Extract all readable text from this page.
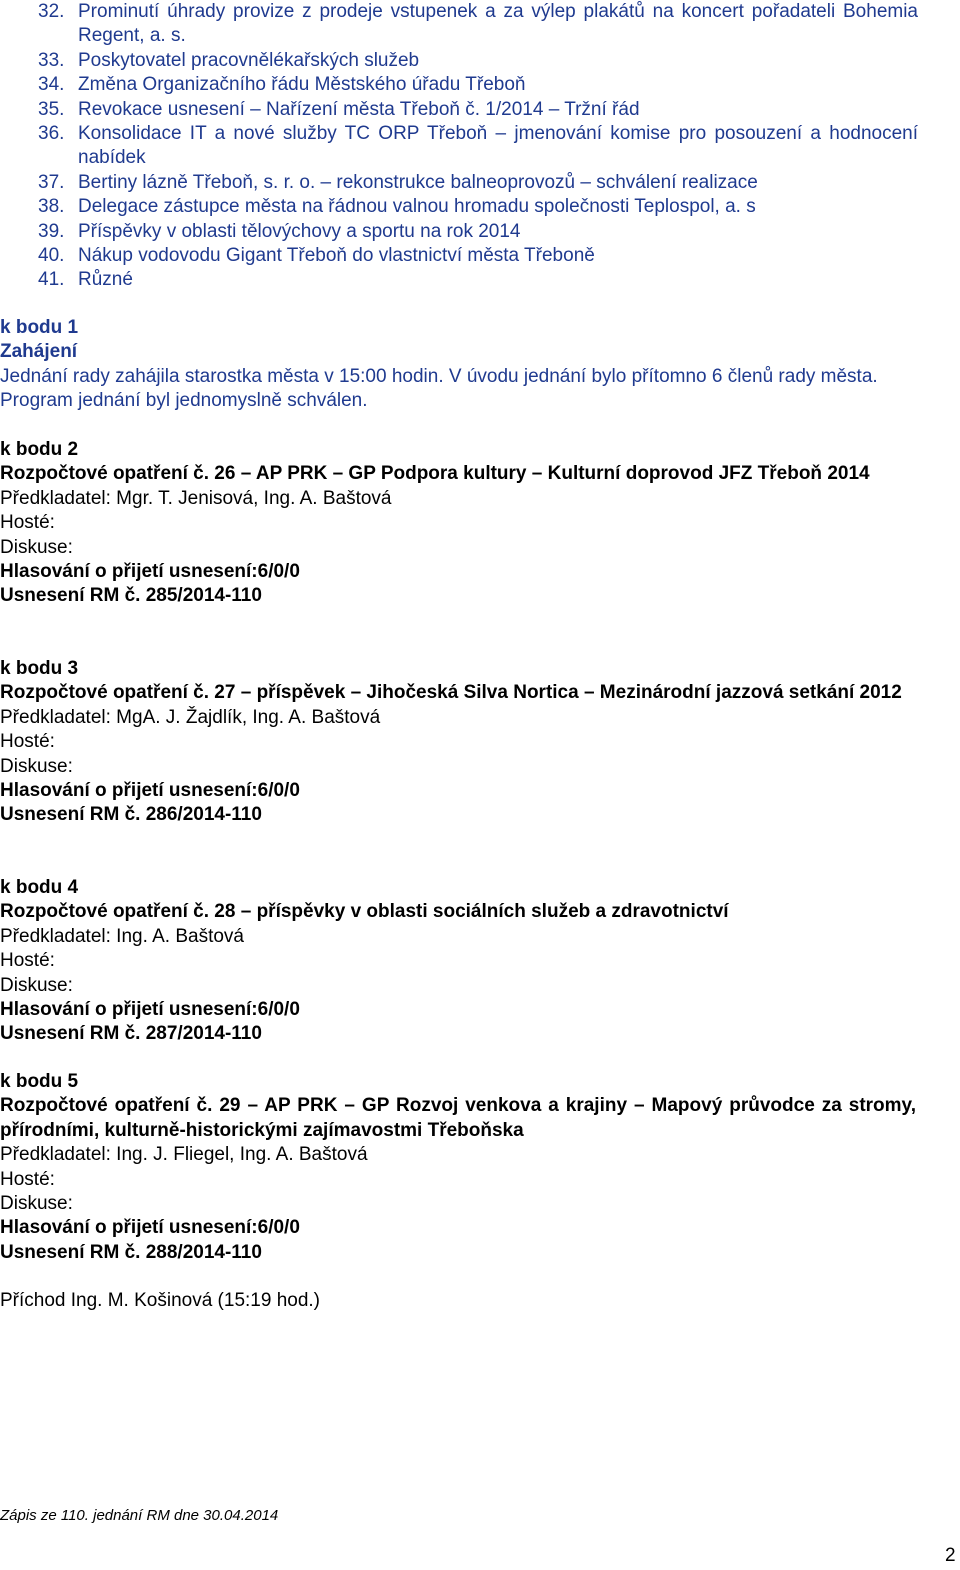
32. Prominutí úhrady provize z prodeje vstupenek a za výlep plakátů na koncert pořadateli Bohemia Regent, a. s.
33. Poskytovatel pracovnělékařských služeb
34. Změna Organizačního řádu Městského úřadu Třeboň
35. Revokace usnesení – Nařízení města Třeboň č. 1/2014 – Tržní řád
36. Konsolidace IT a nové služby TC ORP Třeboň – jmenování komise pro posouzení a hodnocení nabídek
37. Bertiny lázně Třeboň, s. r. o. – rekonstrukce balneoprovozů – schválení realizace
38. Delegace zástupce města na řádnou valnou hromadu společnosti Teplospol, a. s
39. Příspěvky v oblasti tělovýchovy a sportu na rok 2014
40. Nákup vodovodu Gigant Třeboň do vlastnictví města Třeboně
41. Různé
k bodu 1
Zahájení
Jednání rady zahájila starostka města v 15:00 hodin. V úvodu jednání bylo přítomno 6 členů rady města. Program jednání byl jednomyslně schválen.
k bodu 2
Rozpočtové opatření č. 26 – AP PRK – GP Podpora kultury – Kulturní doprovod JFZ Třeboň 2014
Předkladatel: Mgr. T. Jenisová, Ing. A. Baštová
Hosté:
Diskuse:
Hlasování o přijetí usnesení:6/0/0
Usnesení RM č. 285/2014-110
k bodu 3
Rozpočtové opatření č. 27 – příspěvek – Jihočeská Silva Nortica – Mezinárodní jazzová setkání 2012
Předkladatel: MgA. J. Žajdlík, Ing. A. Baštová
Hosté:
Diskuse:
Hlasování o přijetí usnesení:6/0/0
Usnesení RM č. 286/2014-110
k bodu 4
Rozpočtové opatření č. 28 – příspěvky v oblasti sociálních služeb a zdravotnictví
Předkladatel: Ing. A. Baštová
Hosté:
Diskuse:
Hlasování o přijetí usnesení:6/0/0
Usnesení RM č. 287/2014-110
k bodu 5
Rozpočtové opatření č. 29 – AP PRK – GP Rozvoj venkova a krajiny – Mapový průvodce za stromy, přírodními, kulturně-historickými zajímavostmi Třeboňska
Předkladatel: Ing. J. Fliegel, Ing. A. Baštová
Hosté:
Diskuse:
Hlasování o přijetí usnesení:6/0/0
Usnesení RM č. 288/2014-110
Příchod Ing. M. Košinová (15:19 hod.)
Zápis ze 110. jednání RM dne 30.04.2014
2
